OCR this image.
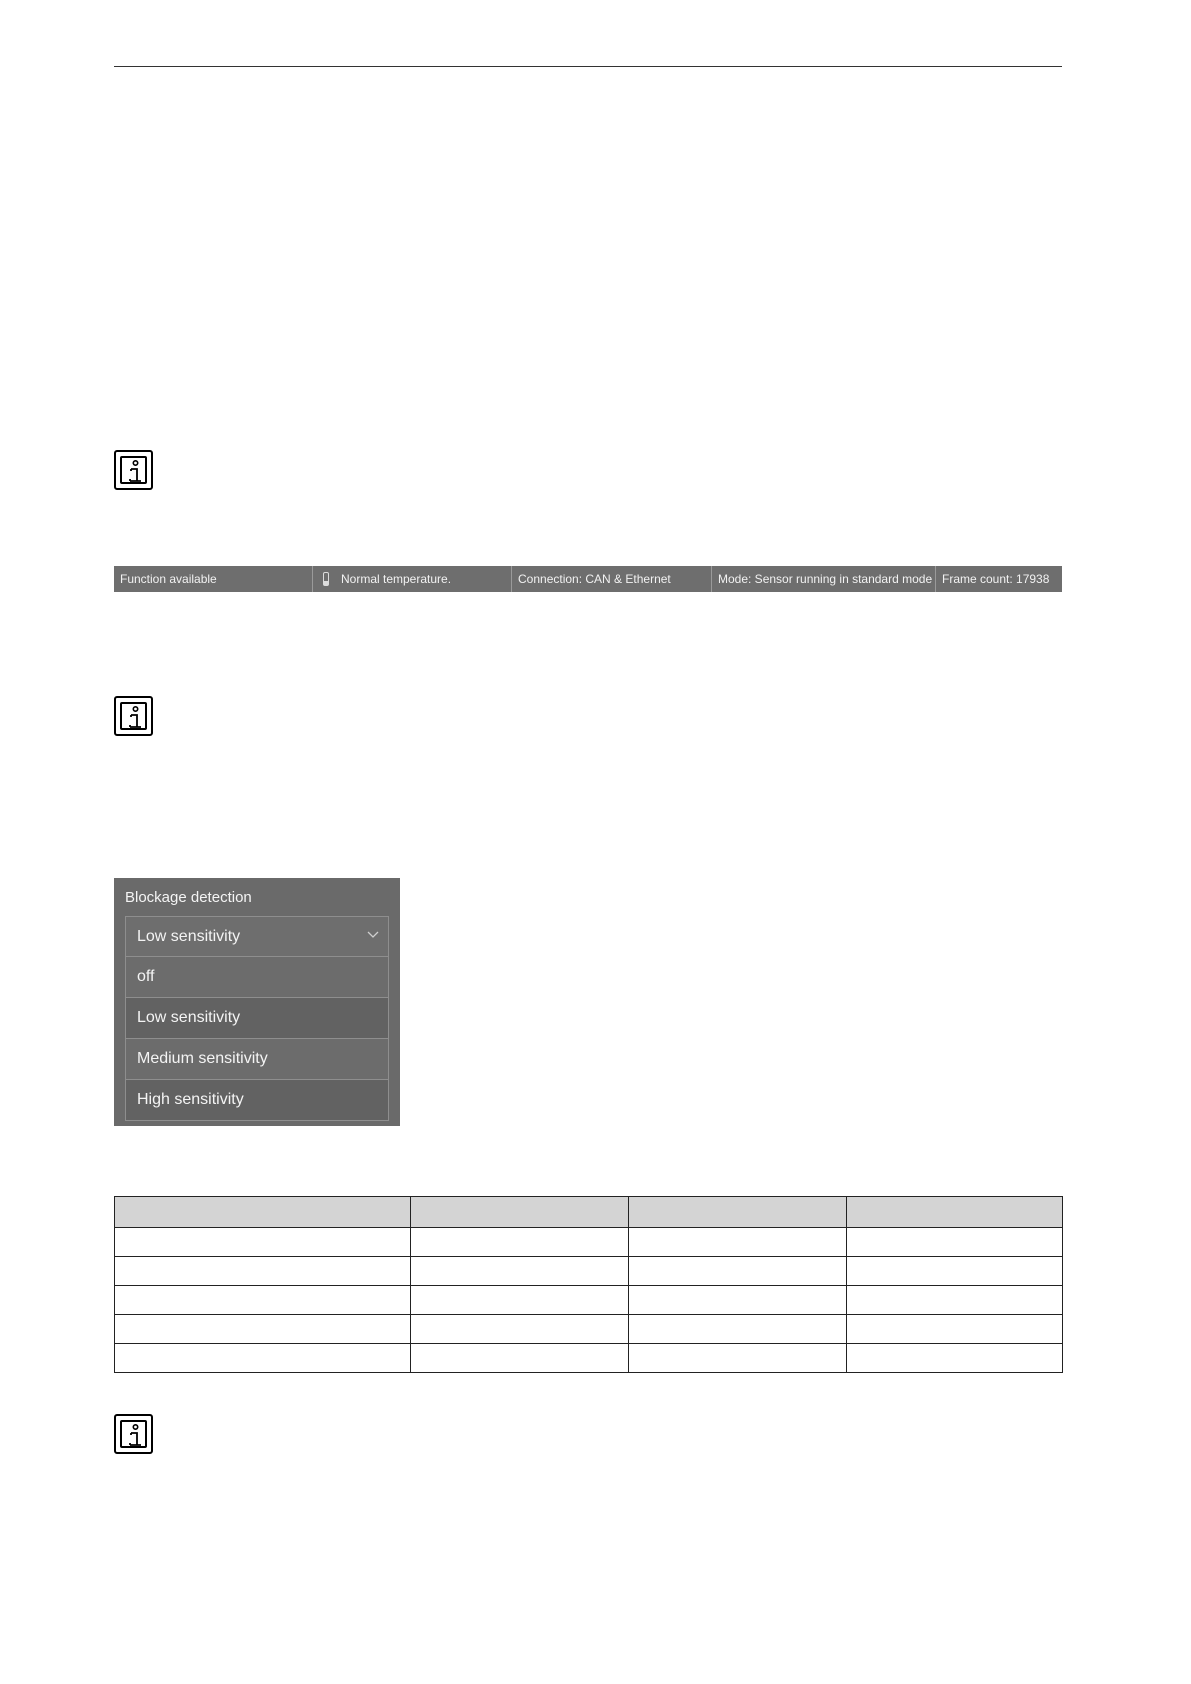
Function available	Normal temperature.	Connection: CAN & Ethernet	Mode: Sensor running in standard mode Frame count: 17938
Blockage detection
Low sensitivity
off
Low sensitivity
Medium sensitivity
High sensitivity
